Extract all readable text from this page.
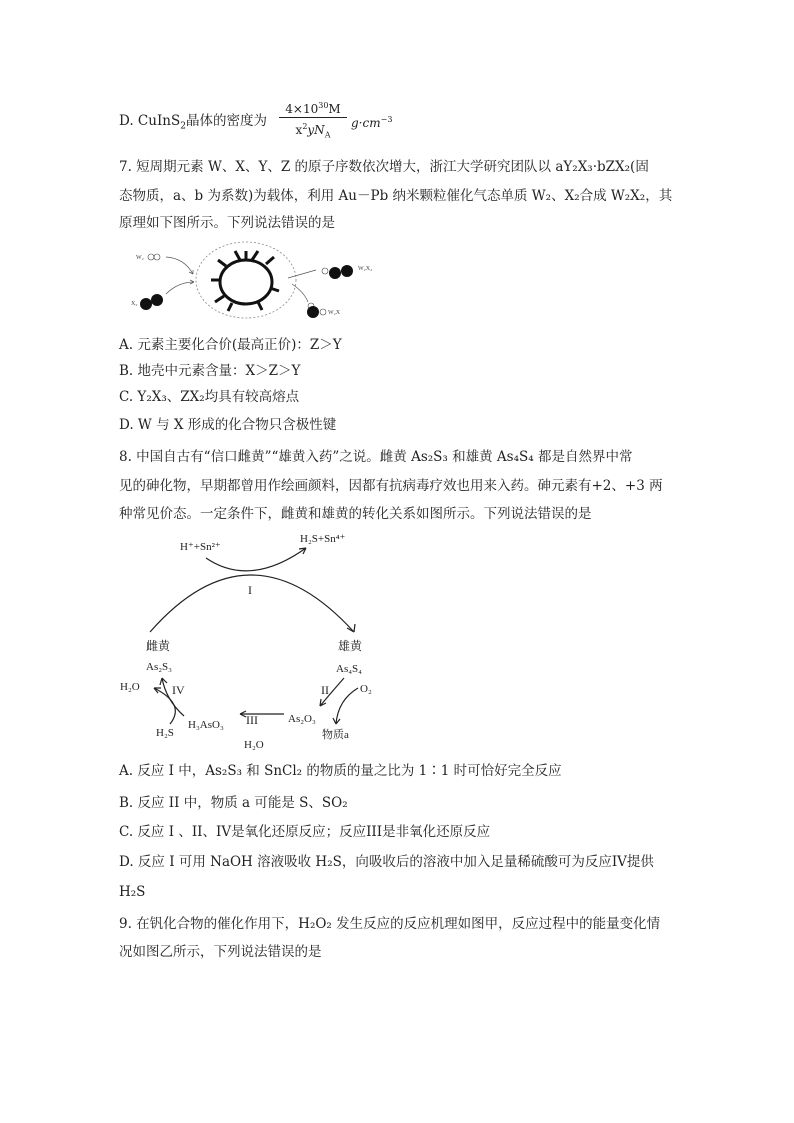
D. CuInS$_2$晶体的密度为
$4\times 10^{30}M$
$x^2yN_A$
$g\cdot cm^{-3}$
7. 短周期元素 W、X、Y、Z 的原子序数依次增大，浙江大学研究团队以 aY₂X₃·bZX₂(固
态物质，a、b 为系数)为载体，利用 Au－Pb 纳米颗粒催化气态单质 W₂、X₂合成 W₂X₂，其
原理如下图所示。下列说法错误的是
W₂
X₂
W₂X₂
W₂X
A. 元素主要化合价(最高正价)：Z＞Y
B. 地壳中元素含量：X＞Z＞Y
C. Y₂X₃、ZX₂均具有较高熔点
D. W 与 X 形成的化合物只含极性键
8. 中国自古有“信口雌黄”“雄黄入药”之说。雌黄 As₂S₃ 和雄黄 As₄S₄ 都是自然界中常
见的砷化物，早期都曾用作绘画颜料，因都有抗病毒疗效也用来入药。砷元素有+2、+3 两
种常见价态。一定条件下，雌黄和雄黄的转化关系如图所示。下列说法错误的是
H⁺+Sn²⁺
H₂S+Sn⁴⁺
I
雌黄	雄黄
As₂S₃	As₄S₄
II	O₂
IV
H₂O
H₂S
H₃AsO₃ III	As₂O₃
H₂O
物质a
A. 反应 I 中，As₂S₃ 和 SnCl₂ 的物质的量之比为 1∶1 时可恰好完全反应
B. 反应 II 中，物质 a 可能是 S、SO₂
C. 反应 I 、II、IV是氧化还原反应；反应III是非氧化还原反应
D. 反应 I 可用 NaOH 溶液吸收 H₂S，向吸收后的溶液中加入足量稀硫酸可为反应IV提供
H₂S
9. 在钒化合物的催化作用下，H₂O₂ 发生反应的反应机理如图甲，反应过程中的能量变化情
况如图乙所示，下列说法错误的是
